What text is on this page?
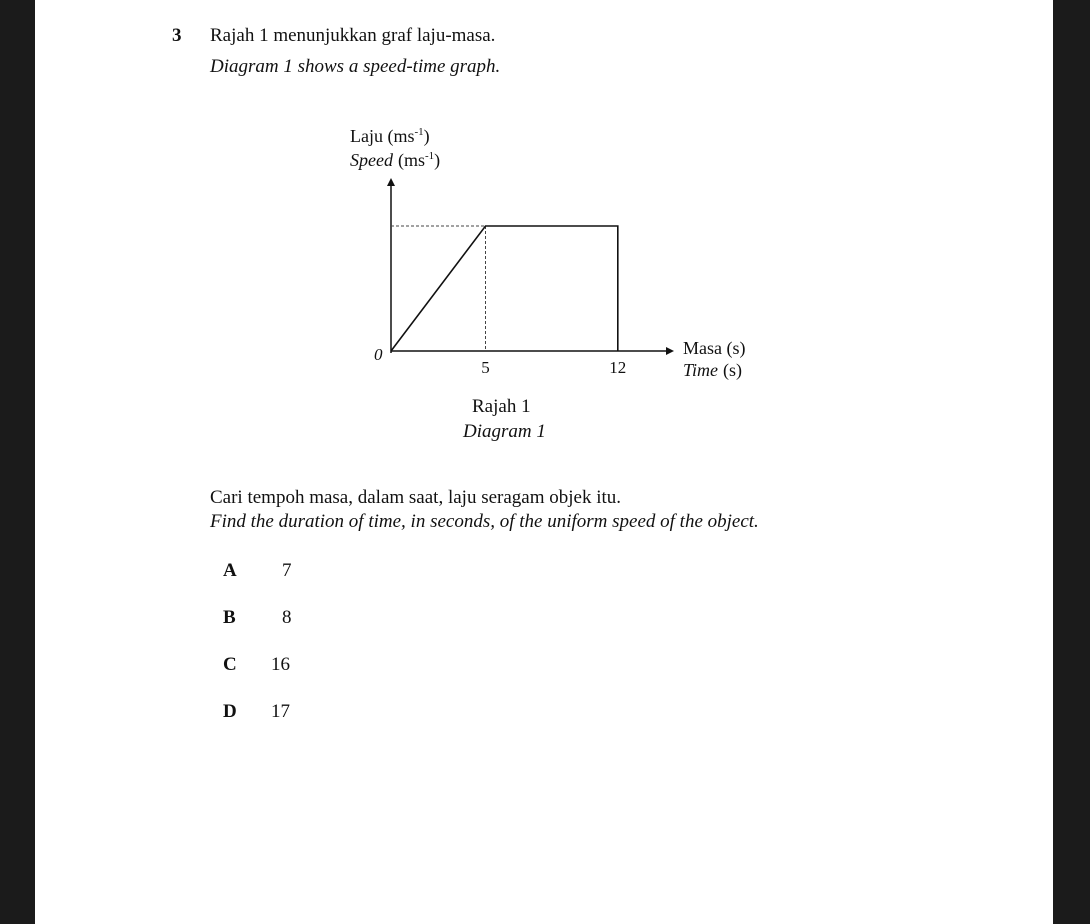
3 Rajah 1 menunjukkan graf laju-masa.
Diagram 1 shows a speed-time graph.
Laju $(ms^{-1})$
Speed $(ms^{-1})$
0
5	12
Masa (s)
Time (s)
Rajah 1
Diagram 1
Cari tempoh masa, dalam saat, laju seragam objek itu.
Find the duration of time, in seconds, of the uniform speed of the object.
A 7
B 8
C 16
D 17
